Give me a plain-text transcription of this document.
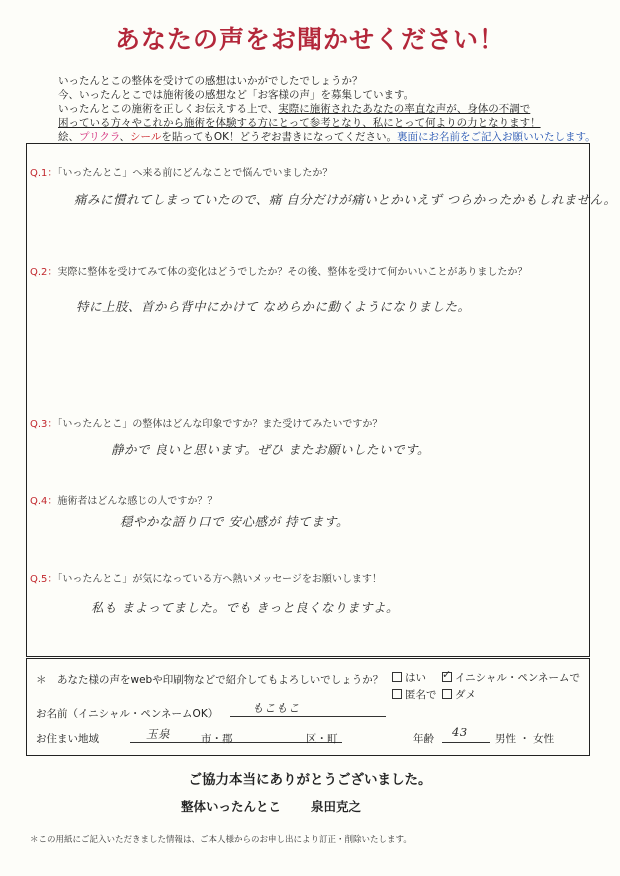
あなたの声をお聞かせください！
いったんとこの整体を受けての感想はいかがでしたでしょうか？
今、いったんとこでは施術後の感想など「お客様の声」を募集しています。
いったんとこの施術を正しくお伝えする上で、実際に施術されたあなたの率直な声が、身体の不調で
困っている方々やこれから施術を体験する方にとって参考となり、私にとって何よりの力となります！
絵、プリクラ、シールを貼ってもOK！どうぞお書きになってください。裏面にお名前をご記入お願いいたします。
Q.1：「いったんとこ」へ来る前にどんなことで悩んでいましたか？
痛みに慣れてしまっていたので、痛 自分だけが痛いとかいえず つらかったかもしれません。
Q.2：実際に整体を受けてみて体の変化はどうでしたか？その後、整体を受けて何かいいことがありましたか？
特に上肢、首から背中にかけて なめらかに動くようになりました。
Q.3：「いったんとこ」の整体はどんな印象ですか？また受けてみたいですか？
静かで 良いと思います。ぜひ またお願いしたいです。
Q.4：施術者はどんな感じの人ですか？？
穏やかな語り口で 安心感が 持てます。
Q.5：「いったんとこ」が気になっている方へ熱いメッセージをお願いします！
私も まよってました。でも きっと良くなりますよ。
＊　あなた様の声をwebや印刷物などで紹介してもよろしいでしょうか？	はい
✓	イニシャル・ペンネームで
匿名で	ダメ
お名前（イニシャル・ペンネームOK）	もこもこ
お住まい地域	玉泉	市・郡	区・町	年齢 43	男性 ・ 女性
ご協力本当にありがとうございました。
整体いったんとこ 泉田克之
＊この用紙にご記入いただきました情報は、ご本人様からのお申し出により訂正・削除いたします。
